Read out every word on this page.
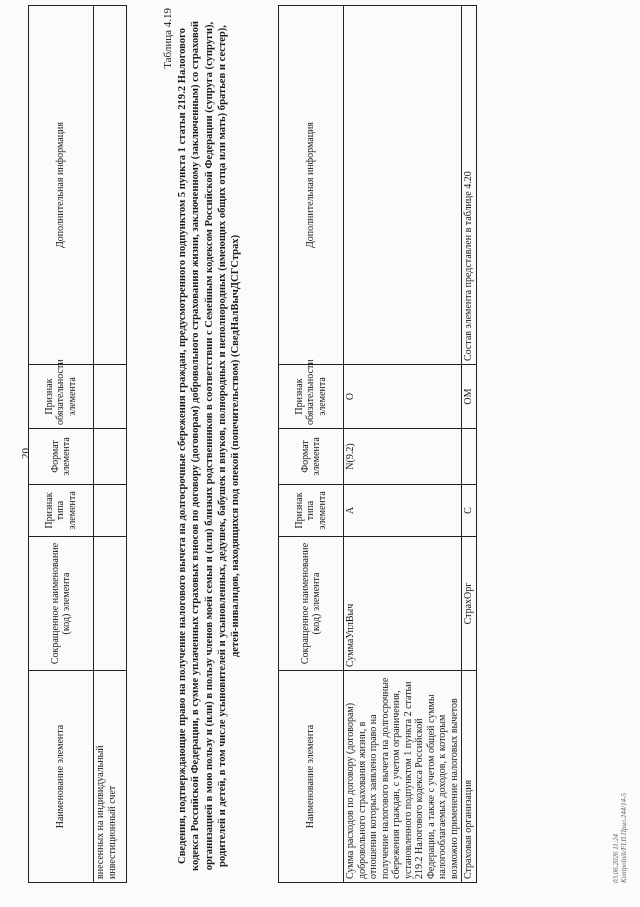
20
Наименование элемента	Сокращенное наименование (код) элемента	Признак типа элемента	Формат элемента	Признак обязательности элемента	Дополнительная информация
внесенных на индивидуальный инвестиционный счет					
Таблица 4.19 Сведения, подтверждающие право на получение налогового вычета на долгосрочные сбережения граждан, предусмотренного подпунктом 5 пункта 1 статьи 219.2 Налогового кодекса Российской Федерации, в сумме уплаченных страховых взносов по договору (договорам) добровольного страхования жизни, заключенному (заключенным) со страховой организацией в мою пользу и (или) в пользу членов моей семьи и (или) близких родственников в соответствии с Семейным кодексом Российской Федерации (супруга (супруги), родителей и детей, в том числе усыновителей и усыновленных, дедушек, бабушек и внуков, полнородных и неполнородных (имеющих общих отца или мать) братьев и сестер), детей-инвалидов, находящихся под опекой (попечительством) (СведНалВычДСГСтрах)
Наименование элемента	Сокращенное наименование (код) элемента	Признак типа элемента	Формат элемента	Признак обязательности элемента	Дополнительная информация
Сумма расходов по договору (договорам) добровольного страхования жизни, в отношении которых заявлено право на получение налогового вычета на долгосрочные сбережения граждан, с учетом ограничения, установленного подпунктом 1 пункта 2 статьи 219.2 Налогового кодекса Российской Федерации, а также с учетом общей суммы налогооблагаемых доходов, к которым возможно применение налоговых вычетов	СуммаУплВыч	А	N(9.2)	О	
Страховая организация	СтрахОрг	С		ОМ	Состав элемента представлен в таблице 4.20
03.06.2026 11:24 Kontpolnik/FI.II.Прил.244/14-5
